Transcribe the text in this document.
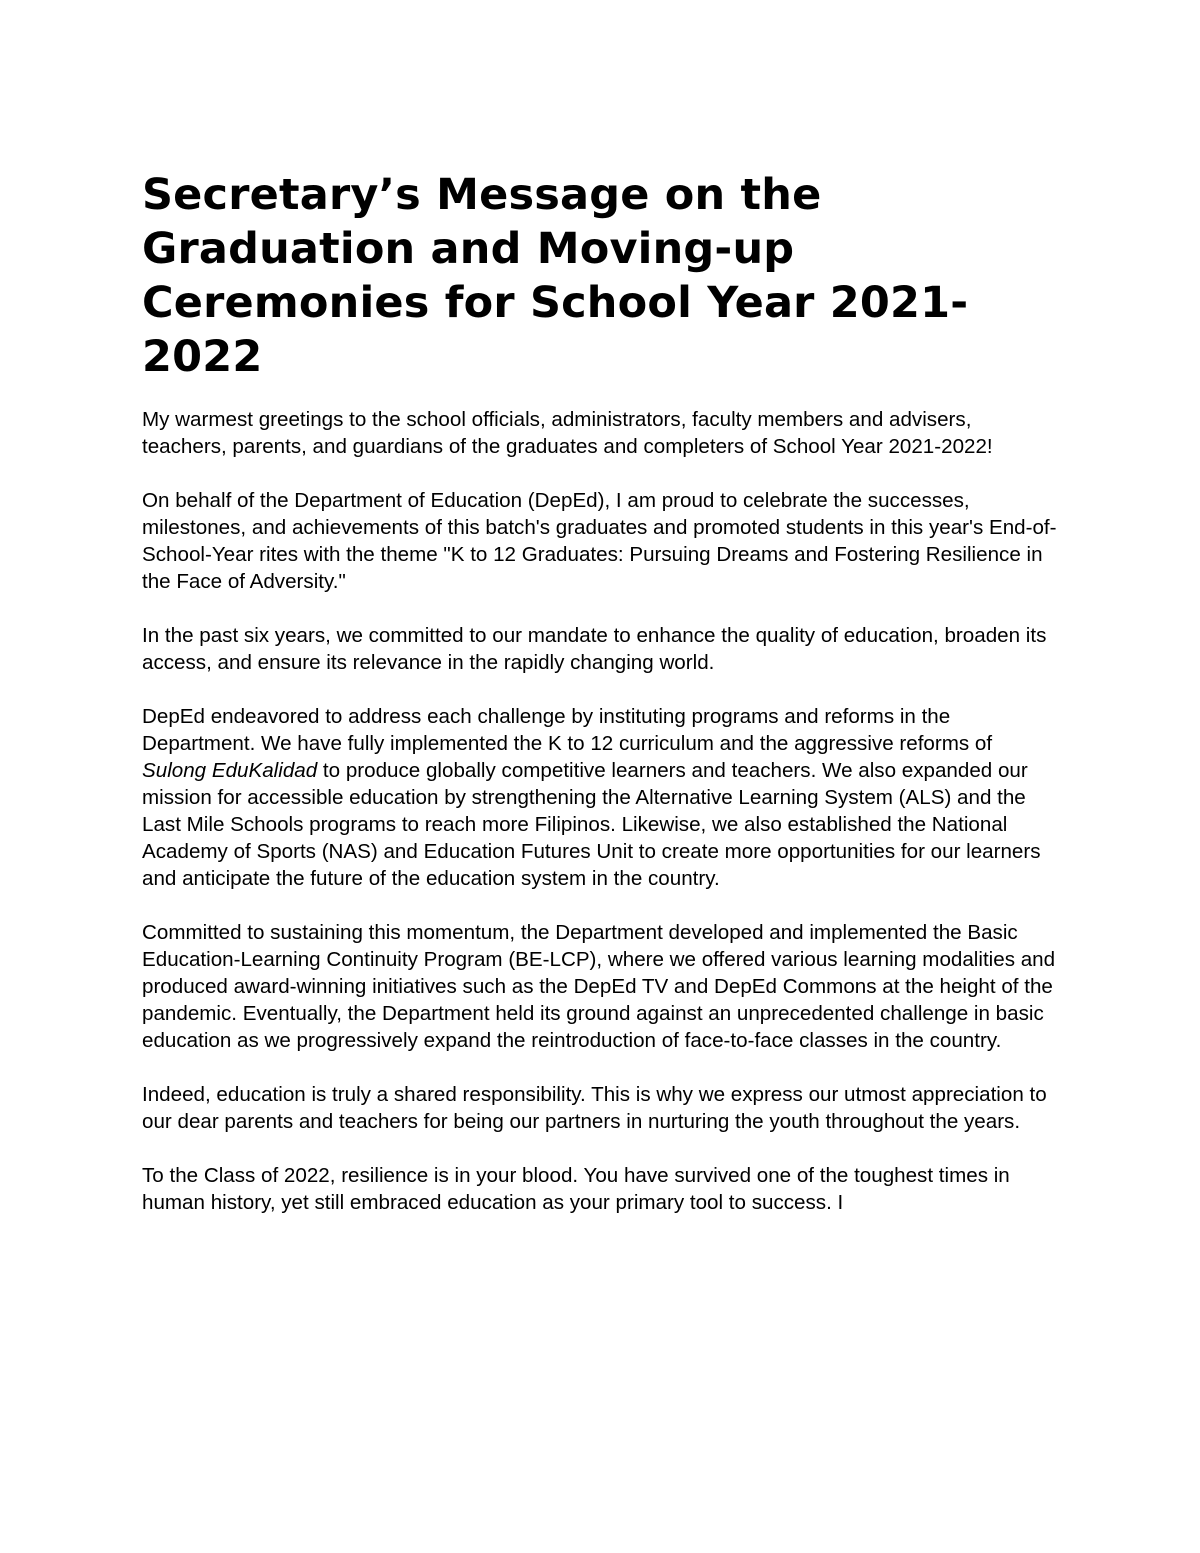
Secretary’s Message on the Graduation and Moving-up Ceremonies for School Year 2021-2022

My warmest greetings to the school officials, administrators, faculty members and advisers, teachers, parents, and guardians of the graduates and completers of School Year 2021-2022!

On behalf of the Department of Education (DepEd), I am proud to celebrate the successes, milestones, and achievements of this batch's graduates and promoted students in this year's End-of-School-Year rites with the theme "K to 12 Graduates: Pursuing Dreams and Fostering Resilience in the Face of Adversity."

In the past six years, we committed to our mandate to enhance the quality of education, broaden its access, and ensure its relevance in the rapidly changing world.

DepEd endeavored to address each challenge by instituting programs and reforms in the Department. We have fully implemented the K to 12 curriculum and the aggressive reforms of Sulong EduKalidad to produce globally competitive learners and teachers. We also expanded our mission for accessible education by strengthening the Alternative Learning System (ALS) and the Last Mile Schools programs to reach more Filipinos. Likewise, we also established the National Academy of Sports (NAS) and Education Futures Unit to create more opportunities for our learners and anticipate the future of the education system in the country.

Committed to sustaining this momentum, the Department developed and implemented the Basic Education-Learning Continuity Program (BE-LCP), where we offered various learning modalities and produced award-winning initiatives such as the DepEd TV and DepEd Commons at the height of the pandemic. Eventually, the Department held its ground against an unprecedented challenge in basic education as we progressively expand the reintroduction of face-to-face classes in the country.

Indeed, education is truly a shared responsibility. This is why we express our utmost appreciation to our dear parents and teachers for being our partners in nurturing the youth throughout the years.

To the Class of 2022, resilience is in your blood. You have survived one of the toughest times in human history, yet still embraced education as your primary tool to success. I
